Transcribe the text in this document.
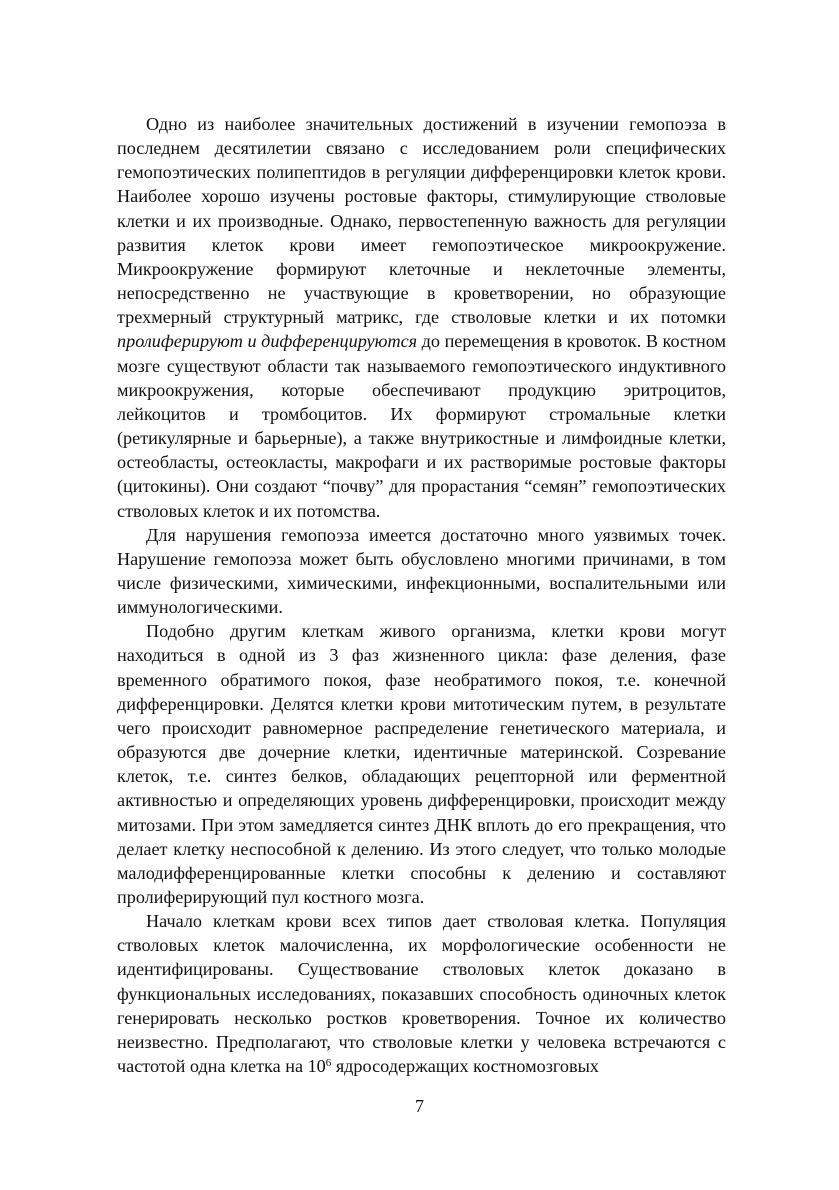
Одно из наиболее значительных достижений в изучении гемопоэза в последнем десятилетии связано с исследованием роли специфических гемопоэтических полипептидов в регуляции дифференцировки клеток крови. Наиболее хорошо изучены ростовые факторы, стимулирующие стволовые клетки и их производные. Однако, первостепенную важность для регуляции развития клеток крови имеет гемопоэтическое микроокружение. Микроокружение формируют клеточные и неклеточные элементы, непосредственно не участвующие в кроветворении, но образующие трехмерный структурный матрикс, где стволовые клетки и их потомки пролиферируют и дифференцируются до перемещения в кровоток. В костном мозге существуют области так называемого гемопоэтического индуктивного микроокружения, которые обеспечивают продукцию эритроцитов, лейкоцитов и тромбоцитов. Их формируют стромальные клетки (ретикулярные и барьерные), а также внутрикостные и лимфоидные клетки, остеобласты, остеокласты, макрофаги и их растворимые ростовые факторы (цитокины). Они создают “почву” для прорастания “семян” гемопоэтических стволовых клеток и их потомства.

Для нарушения гемопоэза имеется достаточно много уязвимых точек. Нарушение гемопоэза может быть обусловлено многими причинами, в том числе физическими, химическими, инфекционными, воспалительными или иммунологическими.

Подобно другим клеткам живого организма, клетки крови могут находиться в одной из 3 фаз жизненного цикла: фазе деления, фазе временного обратимого покоя, фазе необратимого покоя, т.е. конечной дифференцировки. Делятся клетки крови митотическим путем, в результате чего происходит равномерное распределение генетического материала, и образуются две дочерние клетки, идентичные материнской. Созревание клеток, т.е. синтез белков, обладающих рецепторной или ферментной активностью и определяющих уровень дифференцировки, происходит между митозами. При этом замедляется синтез ДНК вплоть до его прекращения, что делает клетку неспособной к делению. Из этого следует, что только молодые малодифференцированные клетки способны к делению и составляют пролиферирующий пул костного мозга.

Начало клеткам крови всех типов дает стволовая клетка. Популяция стволовых клеток малочисленна, их морфологические особенности не идентифицированы. Существование стволовых клеток доказано в функциональных исследованиях, показавших способность одиночных клеток генерировать несколько ростков кроветворения. Точное их количество неизвестно. Предполагают, что стволовые клетки у человека встречаются с частотой одна клетка на $10^6$ ядросодержащих костномозговых

7
